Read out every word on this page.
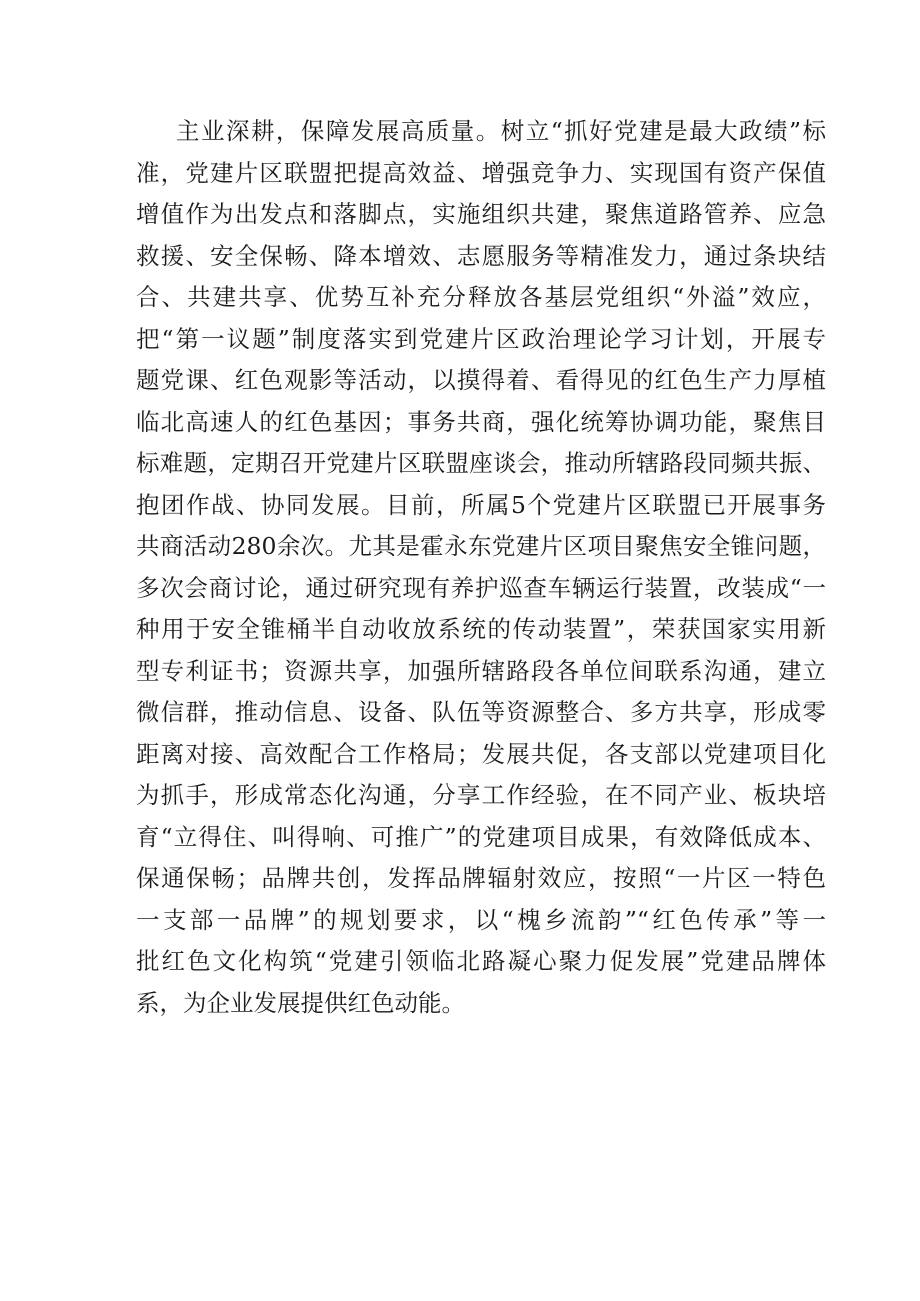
主业深耕，保障发展高质量。树立“抓好党建是最大政绩”标
准，党建片区联盟把提高效益、增强竞争力、实现国有资产保值
增值作为出发点和落脚点，实施组织共建，聚焦道路管养、应急
救援、安全保畅、降本增效、志愿服务等精准发力，通过条块结
合、共建共享、优势互补充分释放各基层党组织“外溢”效应，
把“第一议题”制度落实到党建片区政治理论学习计划，开展专
题党课、红色观影等活动，以摸得着、看得见的红色生产力厚植
临北高速人的红色基因；事务共商，强化统筹协调功能，聚焦目
标难题，定期召开党建片区联盟座谈会，推动所辖路段同频共振、
抱团作战、协同发展。目前，所属5个党建片区联盟已开展事务
共商活动280余次。尤其是霍永东党建片区项目聚焦安全锥问题，
多次会商讨论，通过研究现有养护巡查车辆运行装置，改装成“一
种用于安全锥桶半自动收放系统的传动装置”，荣获国家实用新
型专利证书；资源共享，加强所辖路段各单位间联系沟通，建立
微信群，推动信息、设备、队伍等资源整合、多方共享，形成零
距离对接、高效配合工作格局；发展共促，各支部以党建项目化
为抓手，形成常态化沟通，分享工作经验，在不同产业、板块培
育“立得住、叫得响、可推广”的党建项目成果，有效降低成本、
保通保畅；品牌共创，发挥品牌辐射效应，按照“一片区一特色
一支部一品牌”的规划要求，以“槐乡流韵”“红色传承”等一
批红色文化构筑“党建引领临北路凝心聚力促发展”党建品牌体
系，为企业发展提供红色动能。
